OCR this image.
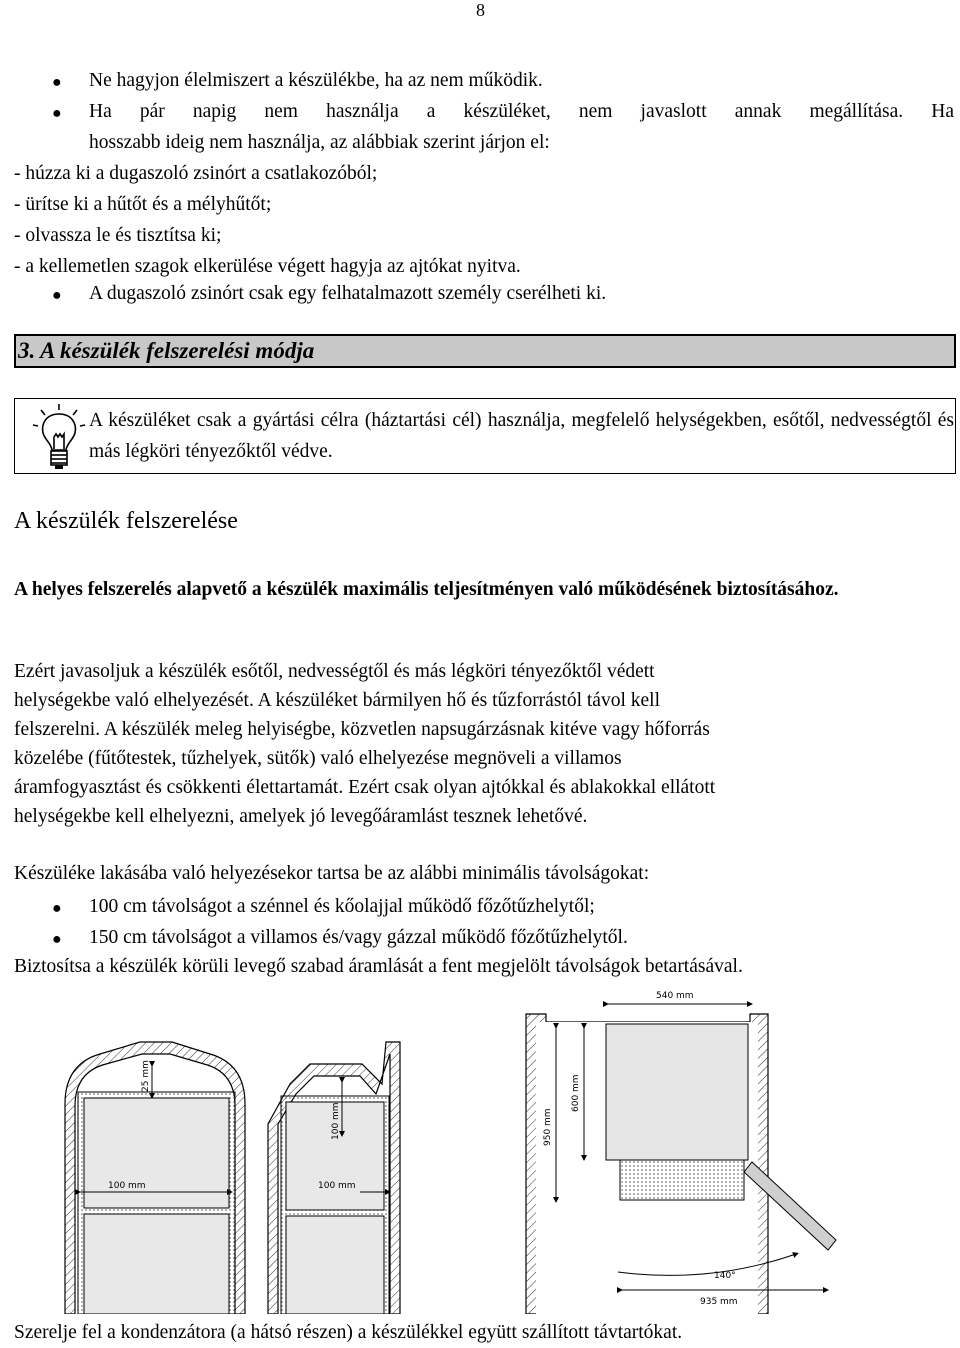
8
● Ne hagyjon élelmiszert a készülékbe, ha az nem működik.
● Ha pár napig nem használja a készüléket, nem javaslott annak megállítása. Ha
hosszabb ideig nem használja, az alábbiak szerint járjon el:
- húzza ki a dugaszoló zsinórt a csatlakozóból;
- ürítse ki a hűtőt és a mélyhűtőt;
- olvassza le és tisztítsa ki;
- a kellemetlen szagok elkerülése végett hagyja az ajtókat nyitva.
● A dugaszoló zsinórt csak egy felhatalmazott személy cserélheti ki.
3. A készülék felszerelési módja
A készüléket csak a gyártási célra (háztartási cél) használja, megfelelő helységekben, esőtől, nedvességtől és más légköri tényezőktől védve.
A készülék felszerelése
A helyes felszerelés alapvető a készülék maximális teljesítményen való működésének biztosításához.
Ezért javasoljuk a készülék esőtől, nedvességtől és más légköri tényezőktől védett
helységekbe való elhelyezését. A készüléket bármilyen hő és tűzforrástól távol kell
felszerelni. A készülék meleg helyiségbe, közvetlen napsugárzásnak kitéve vagy hőforrás
közelébe (fűtőtestek, tűzhelyek, sütők) való elhelyezése megnöveli a villamos
áramfogyasztást és csökkenti élettartamát. Ezért csak olyan ajtókkal és ablakokkal ellátott
helységekbe kell elhelyezni, amelyek jó levegőáramlást tesznek lehetővé.
Készüléke lakásába való helyezésekor tartsa be az alábbi minimális távolságokat:
● 100 cm távolságot a szénnel és kőolajjal működő főzőtűzhelytől;
● 150 cm távolságot a villamos és/vagy gázzal működő főzőtűzhelytől.
Biztosítsa a készülék körüli levegő szabad áramlását a fent megjelölt távolságok betartásával.
25 mm
100 mm
100 mm
100 mm
540 mm
600 mm
950 mm
140°
935 mm
Szerelje fel a kondenzátora (a hátsó részen) a készülékkel együtt szállított távtartókat.
